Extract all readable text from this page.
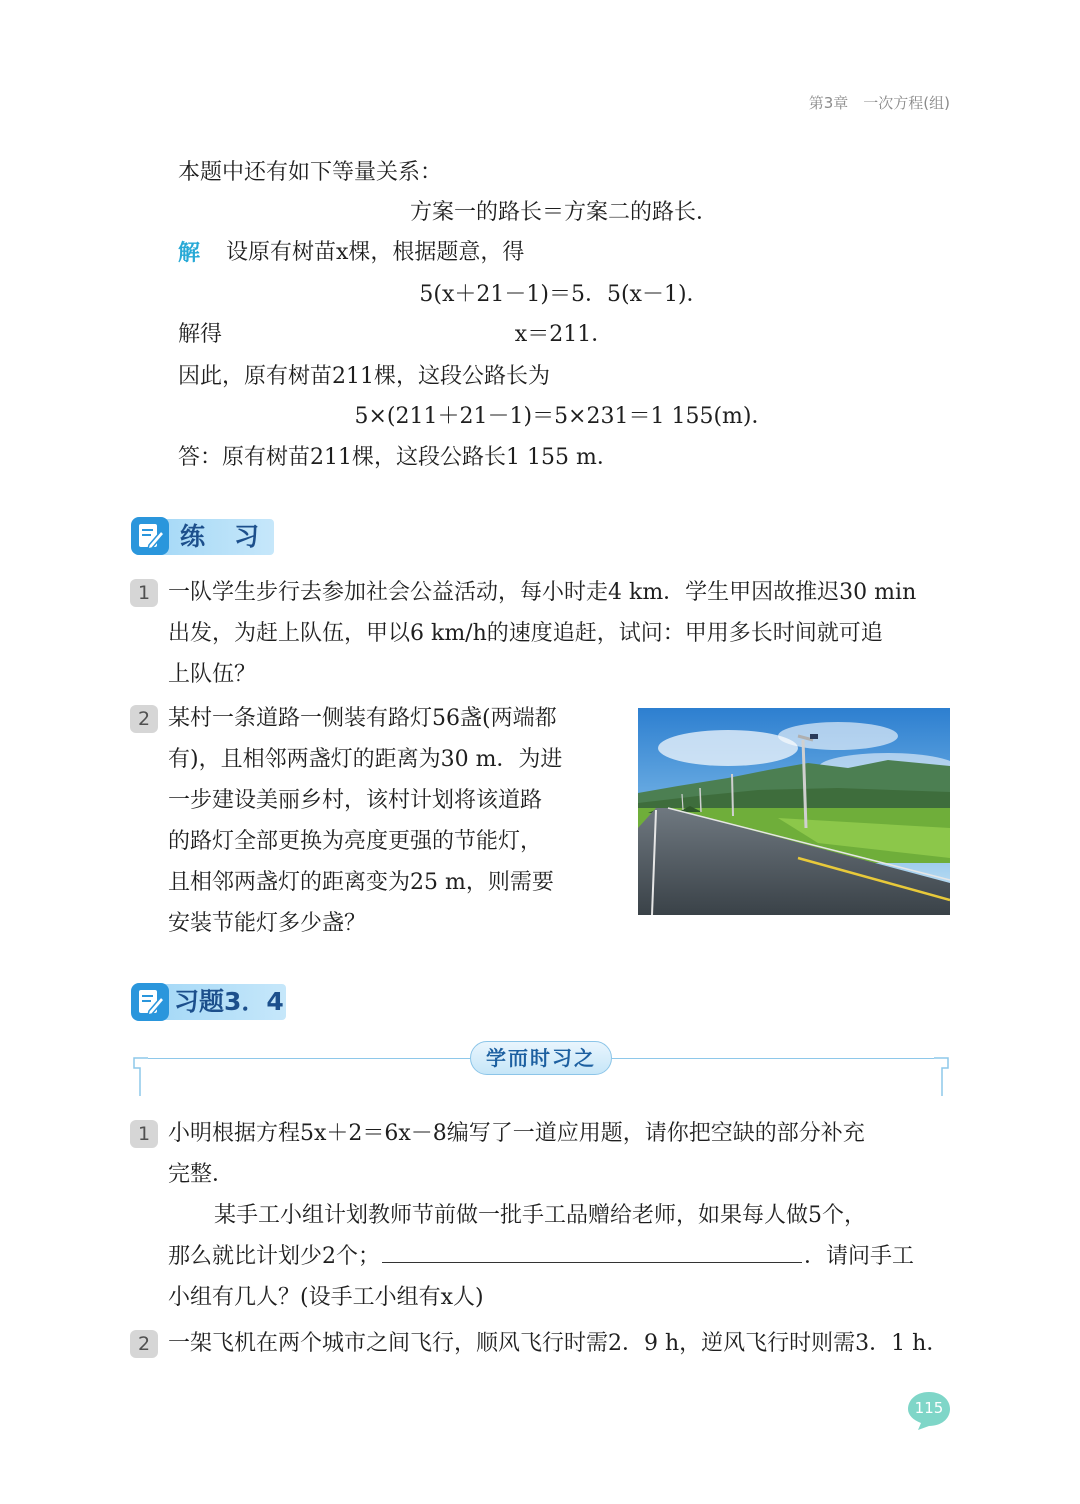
第3章　一次方程(组)
本题中还有如下等量关系：
方案一的路长＝方案二的路长．
解 设原有树苗x棵，根据题意，得
5(x＋21－1)＝5．5(x－1)．
解得	x＝211．
因此，原有树苗211棵，这段公路长为
5×(211＋21－1)＝5×231＝1 155(m)．
答：原有树苗211棵，这段公路长1 155 m．
练　习
1 一队学生步行去参加社会公益活动，每小时走4 km．学生甲因故推迟30 min
出发，为赶上队伍，甲以6 km/h的速度追赶，试问：甲用多长时间就可追
上队伍？
2 某村一条道路一侧装有路灯56盏(两端都
有)，且相邻两盏灯的距离为30 m．为进
一步建设美丽乡村，该村计划将该道路
的路灯全部更换为亮度更强的节能灯，
且相邻两盏灯的距离变为25 m，则需要
安装节能灯多少盏？
习题3．4
学而时习之
1 小明根据方程5x＋2＝6x－8编写了一道应用题，请你把空缺的部分补充
完整．
某手工小组计划教师节前做一批手工品赠给老师，如果每人做5个，
那么就比计划少2个；	．请问手工
小组有几人？(设手工小组有x人)
2 一架飞机在两个城市之间飞行，顺风飞行时需2．9 h，逆风飞行时则需3．1 h．
115
